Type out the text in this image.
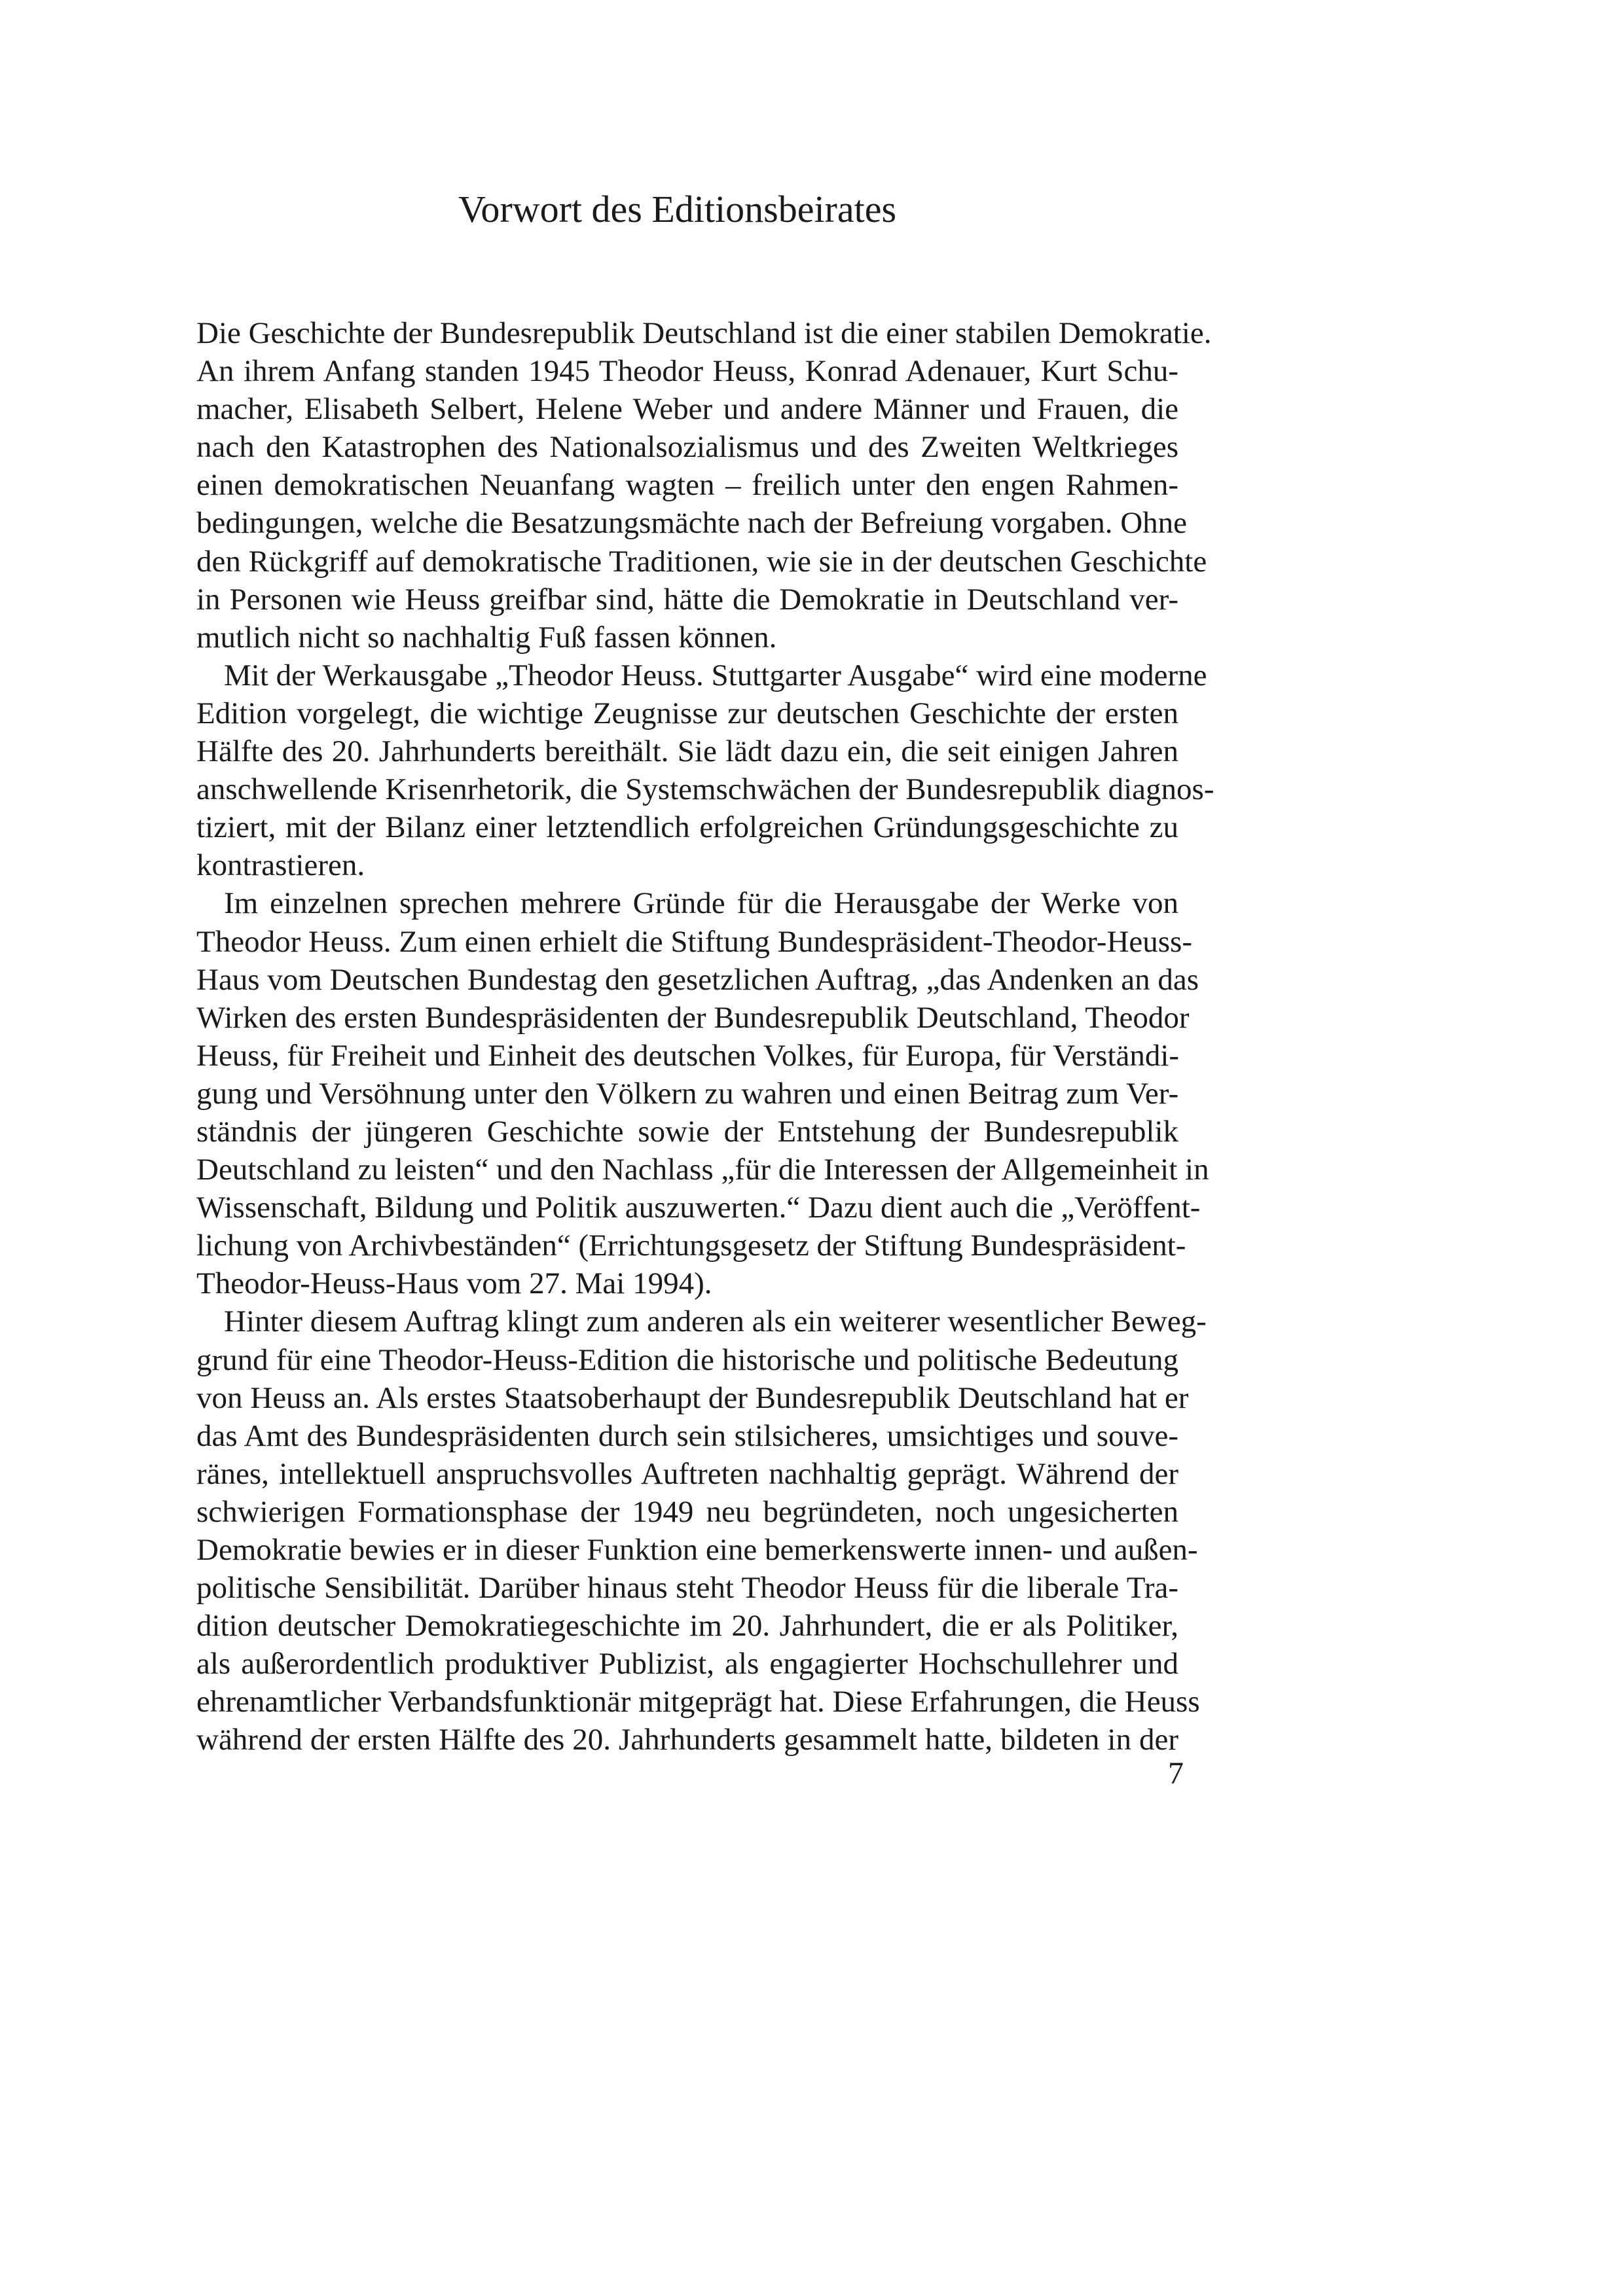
Vorwort des Editionsbeirates
Die Geschichte der Bundesrepublik Deutschland ist die einer stabilen Demokratie.
An ihrem Anfang standen 1945 Theodor Heuss, Konrad Adenauer, Kurt Schu-
macher, Elisabeth Selbert, Helene Weber und andere Männer und Frauen, die
nach den Katastrophen des Nationalsozialismus und des Zweiten Weltkrieges
einen demokratischen Neuanfang wagten – freilich unter den engen Rahmen-
bedingungen, welche die Besatzungsmächte nach der Befreiung vorgaben. Ohne
den Rückgriff auf demokratische Traditionen, wie sie in der deutschen Geschichte
in Personen wie Heuss greifbar sind, hätte die Demokratie in Deutschland ver-
mutlich nicht so nachhaltig Fuß fassen können.
Mit der Werkausgabe „Theodor Heuss. Stuttgarter Ausgabe“ wird eine moderne
Edition vorgelegt, die wichtige Zeugnisse zur deutschen Geschichte der ersten
Hälfte des 20. Jahrhunderts bereithält. Sie lädt dazu ein, die seit einigen Jahren
anschwellende Krisenrhetorik, die Systemschwächen der Bundesrepublik diagnos-
tiziert, mit der Bilanz einer letztendlich erfolgreichen Gründungsgeschichte zu
kontrastieren.
Im einzelnen sprechen mehrere Gründe für die Herausgabe der Werke von
Theodor Heuss. Zum einen erhielt die Stiftung Bundespräsident-Theodor-Heuss-
Haus vom Deutschen Bundestag den gesetzlichen Auftrag, „das Andenken an das
Wirken des ersten Bundespräsidenten der Bundesrepublik Deutschland, Theodor
Heuss, für Freiheit und Einheit des deutschen Volkes, für Europa, für Verständi-
gung und Versöhnung unter den Völkern zu wahren und einen Beitrag zum Ver-
ständnis der jüngeren Geschichte sowie der Entstehung der Bundesrepublik
Deutschland zu leisten“ und den Nachlass „für die Interessen der Allgemeinheit in
Wissenschaft, Bildung und Politik auszuwerten.“ Dazu dient auch die „Veröffent-
lichung von Archivbeständen“ (Errichtungsgesetz der Stiftung Bundespräsident-
Theodor-Heuss-Haus vom 27. Mai 1994).
Hinter diesem Auftrag klingt zum anderen als ein weiterer wesentlicher Beweg-
grund für eine Theodor-Heuss-Edition die historische und politische Bedeutung
von Heuss an. Als erstes Staatsoberhaupt der Bundesrepublik Deutschland hat er
das Amt des Bundespräsidenten durch sein stilsicheres, umsichtiges und souve-
ränes, intellektuell anspruchsvolles Auftreten nachhaltig geprägt. Während der
schwierigen Formationsphase der 1949 neu begründeten, noch ungesicherten
Demokratie bewies er in dieser Funktion eine bemerkenswerte innen- und außen-
politische Sensibilität. Darüber hinaus steht Theodor Heuss für die liberale Tra-
dition deutscher Demokratiegeschichte im 20. Jahrhundert, die er als Politiker,
als außerordentlich produktiver Publizist, als engagierter Hochschullehrer und
ehrenamtlicher Verbandsfunktionär mitgeprägt hat. Diese Erfahrungen, die Heuss
während der ersten Hälfte des 20. Jahrhunderts gesammelt hatte, bildeten in der
7
